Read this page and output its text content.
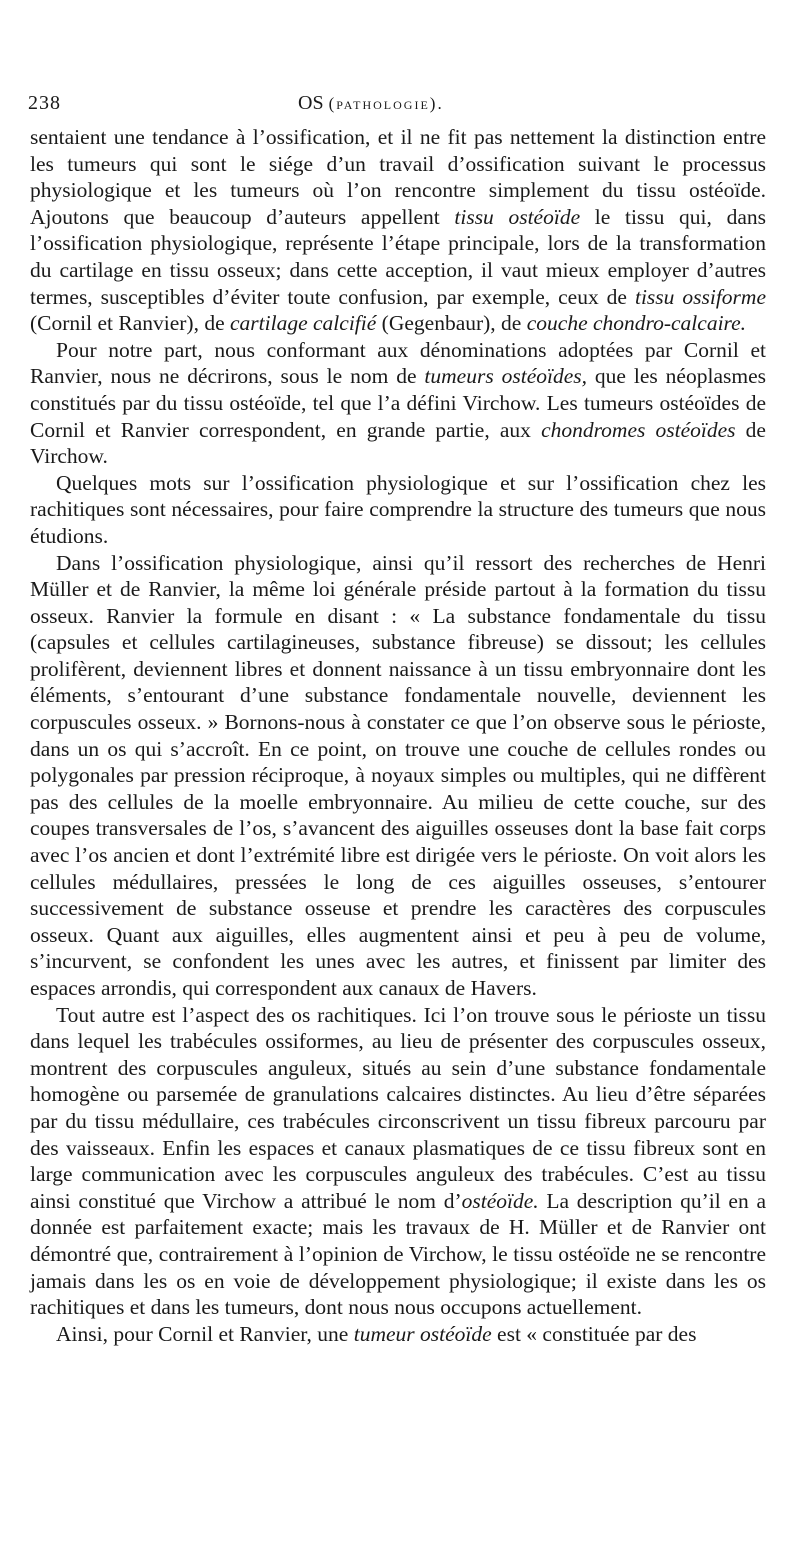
238	OS (pathologie).

sentaient une tendance à l’ossification, et il ne fit pas nettement la distinction entre les tumeurs qui sont le siége d’un travail d’ossification suivant le processus physiologique et les tumeurs où l’on rencontre simplement du tissu ostéoïde. Ajoutons que beaucoup d’auteurs appellent tissu ostéoïde le tissu qui, dans l’ossification physiologique, représente l’étape principale, lors de la transformation du cartilage en tissu osseux; dans cette acception, il vaut mieux employer d’autres termes, susceptibles d’éviter toute confusion, par exemple, ceux de tissu ossiforme (Cornil et Ranvier), de cartilage calcifié (Gegenbaur), de couche chondro-calcaire.

Pour notre part, nous conformant aux dénominations adoptées par Cornil et Ranvier, nous ne décrirons, sous le nom de tumeurs ostéoïdes, que les néoplasmes constitués par du tissu ostéoïde, tel que l’a défini Virchow. Les tumeurs ostéoïdes de Cornil et Ranvier correspondent, en grande partie, aux chondromes ostéoïdes de Virchow.

Quelques mots sur l’ossification physiologique et sur l’ossification chez les rachitiques sont nécessaires, pour faire comprendre la structure des tumeurs que nous étudions.

Dans l’ossification physiologique, ainsi qu’il ressort des recherches de Henri Müller et de Ranvier, la même loi générale préside partout à la formation du tissu osseux. Ranvier la formule en disant : « La substance fondamentale du tissu (capsules et cellules cartilagineuses, substance fibreuse) se dissout; les cellules prolifèrent, deviennent libres et donnent naissance à un tissu embryonnaire dont les éléments, s’entourant d’une substance fondamentale nouvelle, deviennent les corpuscules osseux. » Bornons-nous à constater ce que l’on observe sous le périoste, dans un os qui s’accroît. En ce point, on trouve une couche de cellules rondes ou polygonales par pression réciproque, à noyaux simples ou multiples, qui ne diffèrent pas des cellules de la moelle embryonnaire. Au milieu de cette couche, sur des coupes transversales de l’os, s’avancent des aiguilles osseuses dont la base fait corps avec l’os ancien et dont l’extrémité libre est dirigée vers le périoste. On voit alors les cellules médullaires, pressées le long de ces aiguilles osseuses, s’entourer successivement de substance osseuse et prendre les caractères des corpuscules osseux. Quant aux aiguilles, elles augmentent ainsi et peu à peu de volume, s’incurvent, se confondent les unes avec les autres, et finissent par limiter des espaces arrondis, qui correspondent aux canaux de Havers.

Tout autre est l’aspect des os rachitiques. Ici l’on trouve sous le périoste un tissu dans lequel les trabécules ossiformes, au lieu de présenter des corpuscules osseux, montrent des corpuscules anguleux, situés au sein d’une substance fondamentale homogène ou parsemée de granulations calcaires distinctes. Au lieu d’être séparées par du tissu médullaire, ces trabécules circonscrivent un tissu fibreux parcouru par des vaisseaux. Enfin les espaces et canaux plasmatiques de ce tissu fibreux sont en large communication avec les corpuscules anguleux des trabécules. C’est au tissu ainsi constitué que Virchow a attribué le nom d’ostéoïde. La description qu’il en a donnée est parfaitement exacte; mais les travaux de H. Müller et de Ranvier ont démontré que, contrairement à l’opinion de Virchow, le tissu ostéoïde ne se rencontre jamais dans les os en voie de développement physiologique; il existe dans les os rachitiques et dans les tumeurs, dont nous nous occupons actuellement.

Ainsi, pour Cornil et Ranvier, une tumeur ostéoïde est « constituée par des
